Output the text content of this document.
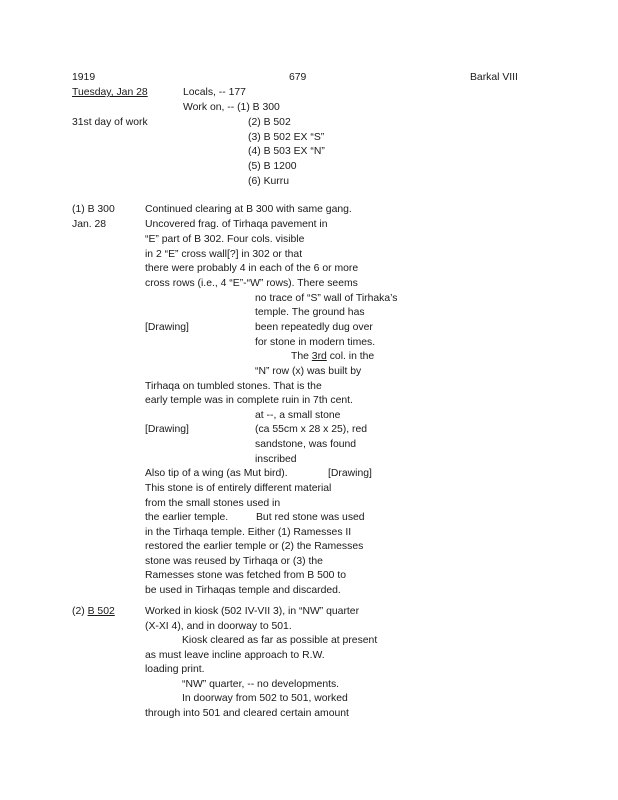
1919	679	Barkal VIII
Tuesday, Jan 28	Locals, -- 177
Work on, -- (1) B 300
31st day of work	(2) B 502
(3) B 502 EX “S”
(4) B 503 EX “N”
(5) B 1200
(6) Kurru
(1) B 300
Jan. 28
Continued clearing at B 300 with same gang.
Uncovered frag. of Tirhaqa pavement in
“E” part of B 302. Four cols. visible
in 2 “E” cross wall[?] in 302 or that
there were probably 4 in each of the 6 or more
cross rows (i.e., 4 “E”-“W” rows). There seems
no trace of “S” wall of Tirhaka’s
temple. The ground has
[Drawing]	been repeatedly dug over
for stone in modern times.
The 3rd col. in the
“N” row (x) was built by
Tirhaqa on tumbled stones. That is the
early temple was in complete ruin in 7th cent.
at --, a small stone
[Drawing]	(ca 55cm x 28 x 25), red
sandstone, was found
inscribed
Also tip of a wing (as Mut bird).	[Drawing]
This stone is of entirely different material
from the small stones used in
the earlier temple.	But red stone was used
in the Tirhaqa temple. Either (1) Ramesses II
restored the earlier temple or (2) the Ramesses
stone was reused by Tirhaqa or (3) the
Ramesses stone was fetched from B 500 to
be used in Tirhaqas temple and discarded.
(2) B 502	Worked in kiosk (502 IV-VII 3), in “NW” quarter
(X-XI 4), and in doorway to 501.
Kiosk cleared as far as possible at present
as must leave incline approach to R.W.
loading print.
“NW” quarter, -- no developments.
In doorway from 502 to 501, worked
through into 501 and cleared certain amount
